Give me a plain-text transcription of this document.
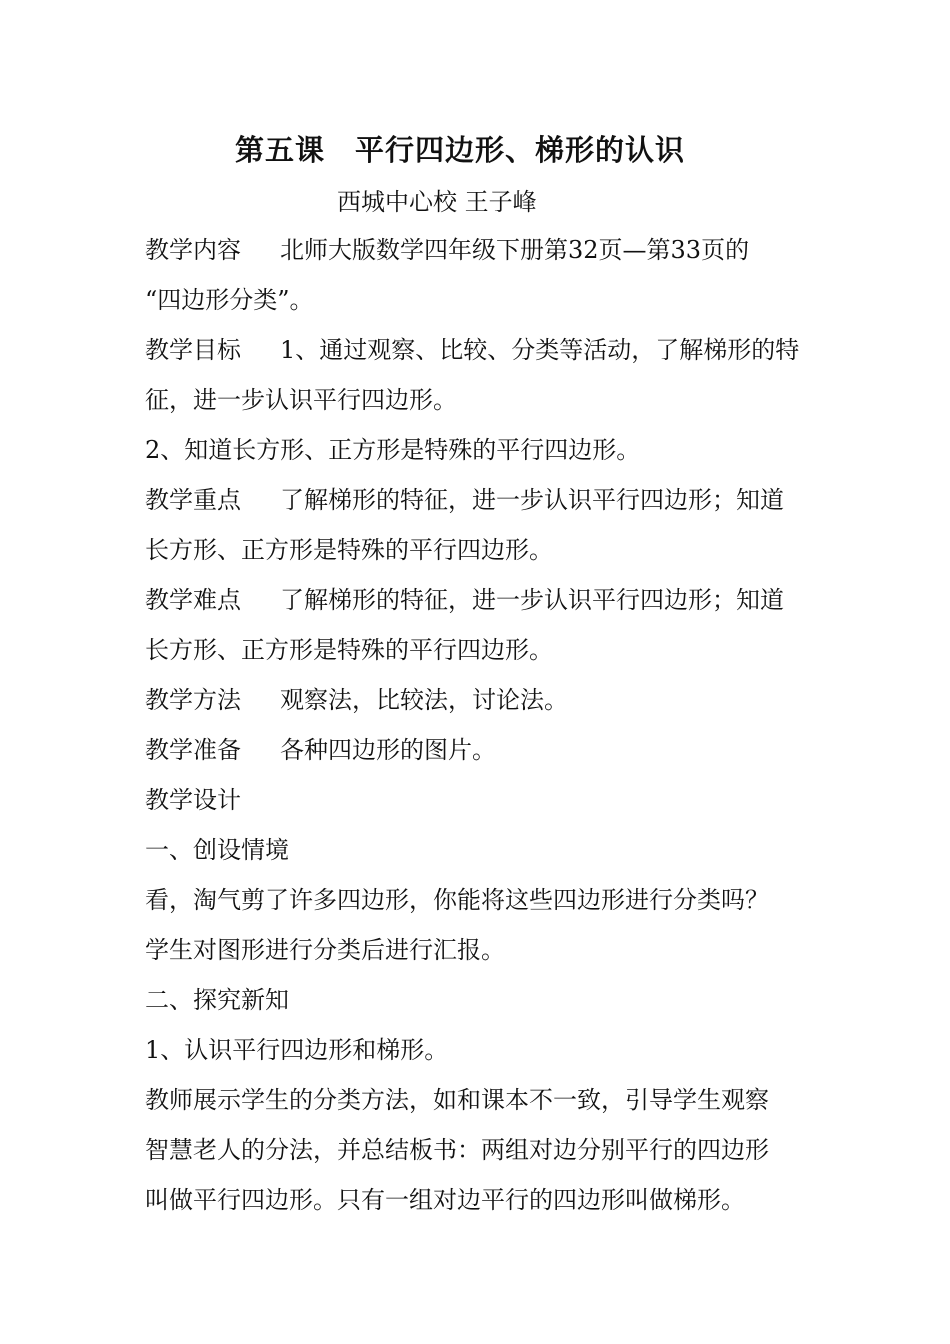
第五课　平行四边形、梯形的认识
西城中心校 王子峰
教学内容 北师大版数学四年级下册第32页—第33页的
“四边形分类”。
教学目标 1、通过观察、比较、分类等活动，了解梯形的特
征，进一步认识平行四边形。
2、知道长方形、正方形是特殊的平行四边形。
教学重点 了解梯形的特征，进一步认识平行四边形；知道
长方形、正方形是特殊的平行四边形。
教学难点 了解梯形的特征，进一步认识平行四边形；知道
长方形、正方形是特殊的平行四边形。
教学方法 观察法，比较法，讨论法。
教学准备 各种四边形的图片。
教学设计
一、创设情境
看，淘气剪了许多四边形，你能将这些四边形进行分类吗？
学生对图形进行分类后进行汇报。
二、探究新知
1、认识平行四边形和梯形。
教师展示学生的分类方法，如和课本不一致，引导学生观察
智慧老人的分法，并总结板书：两组对边分别平行的四边形
叫做平行四边形。只有一组对边平行的四边形叫做梯形。
